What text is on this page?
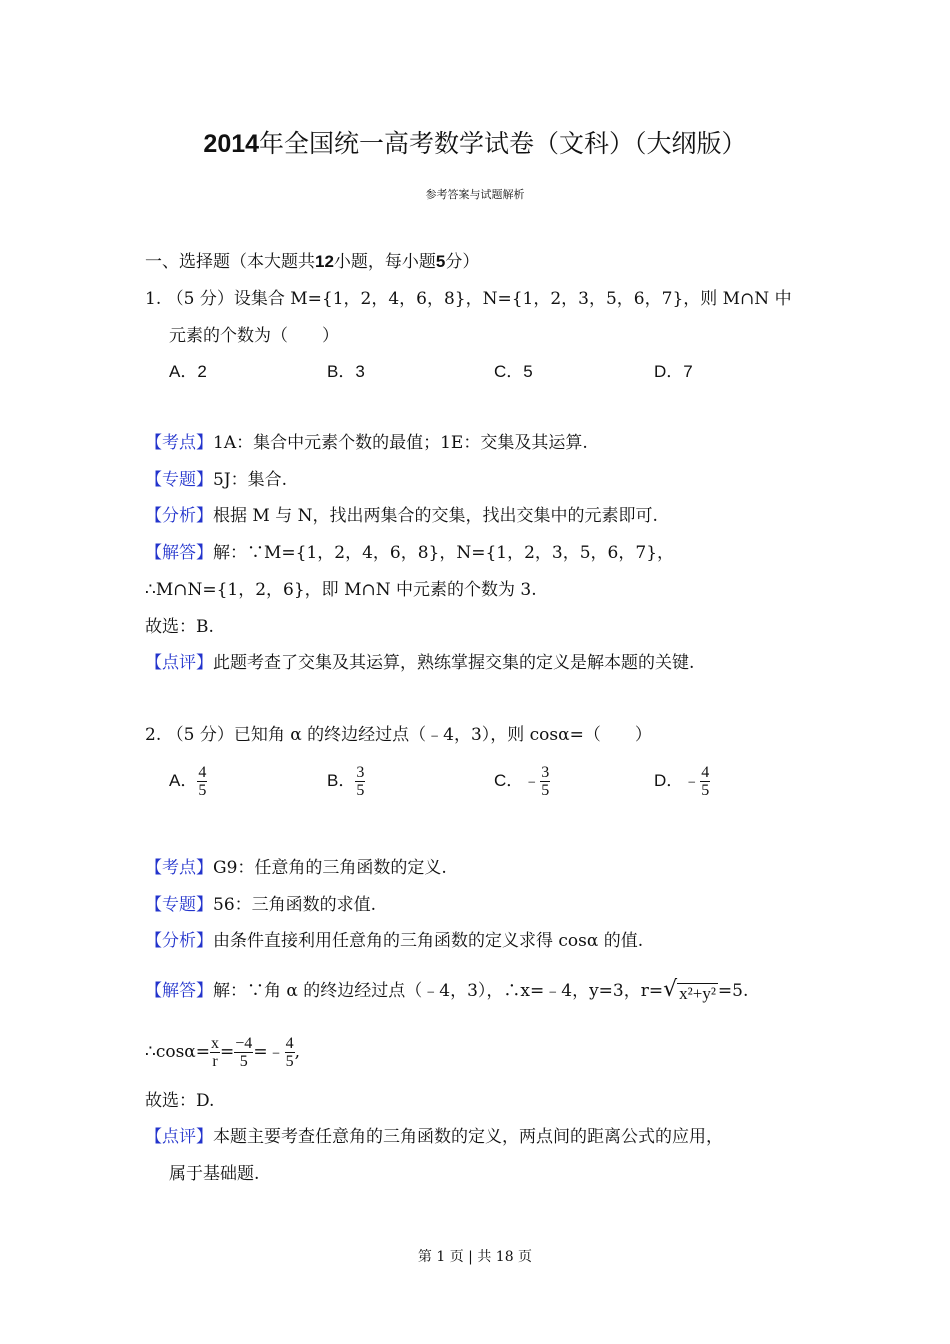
2014年全国统一高考数学试卷（文科）（大纲版）
参考答案与试题解析
一、选择题（本大题共12小题，每小题5分）
1. （5 分）设集合 M={1，2，4，6，8}，N={1，2，3，5，6，7}，则 M∩N 中
元素的个数为（　　）
A．2	B．3	C．5	D．7
【考点】1A：集合中元素个数的最值；1E：交集及其运算.
【专题】5J：集合.
【分析】根据 M 与 N，找出两集合的交集，找出交集中的元素即可.
【解答】解：∵M={1，2，4，6，8}，N={1，2，3，5，6，7}，
∴M∩N={1，2，6}，即 M∩N 中元素的个数为 3.
故选：B.
【点评】此题考查了交集及其运算，熟练掌握交集的定义是解本题的关键.
2. （5 分）已知角 α 的终边经过点（﹣4，3），则 cosα=（　　）
A． $\frac{4}{5}$	B． $\frac{3}{5}$	C．﹣ $\frac{3}{5}$	D．﹣ $\frac{4}{5}$
【考点】G9：任意角的三角函数的定义.
【专题】56：三角函数的求值.
【分析】由条件直接利用任意角的三角函数的定义求得 cosα 的值.
【解答】解：∵角 α 的终边经过点（﹣4，3），∴x=﹣4，y=3，r=√ x²+y² =5.
∴cosα= $\frac{x}{r} = \frac{-4}{5}$ =﹣ $\frac{4}{5}$ ,
故选：D.
【点评】本题主要考查任意角的三角函数的定义，两点间的距离公式的应用，
属于基础题.
第 1 页 | 共 18 页
